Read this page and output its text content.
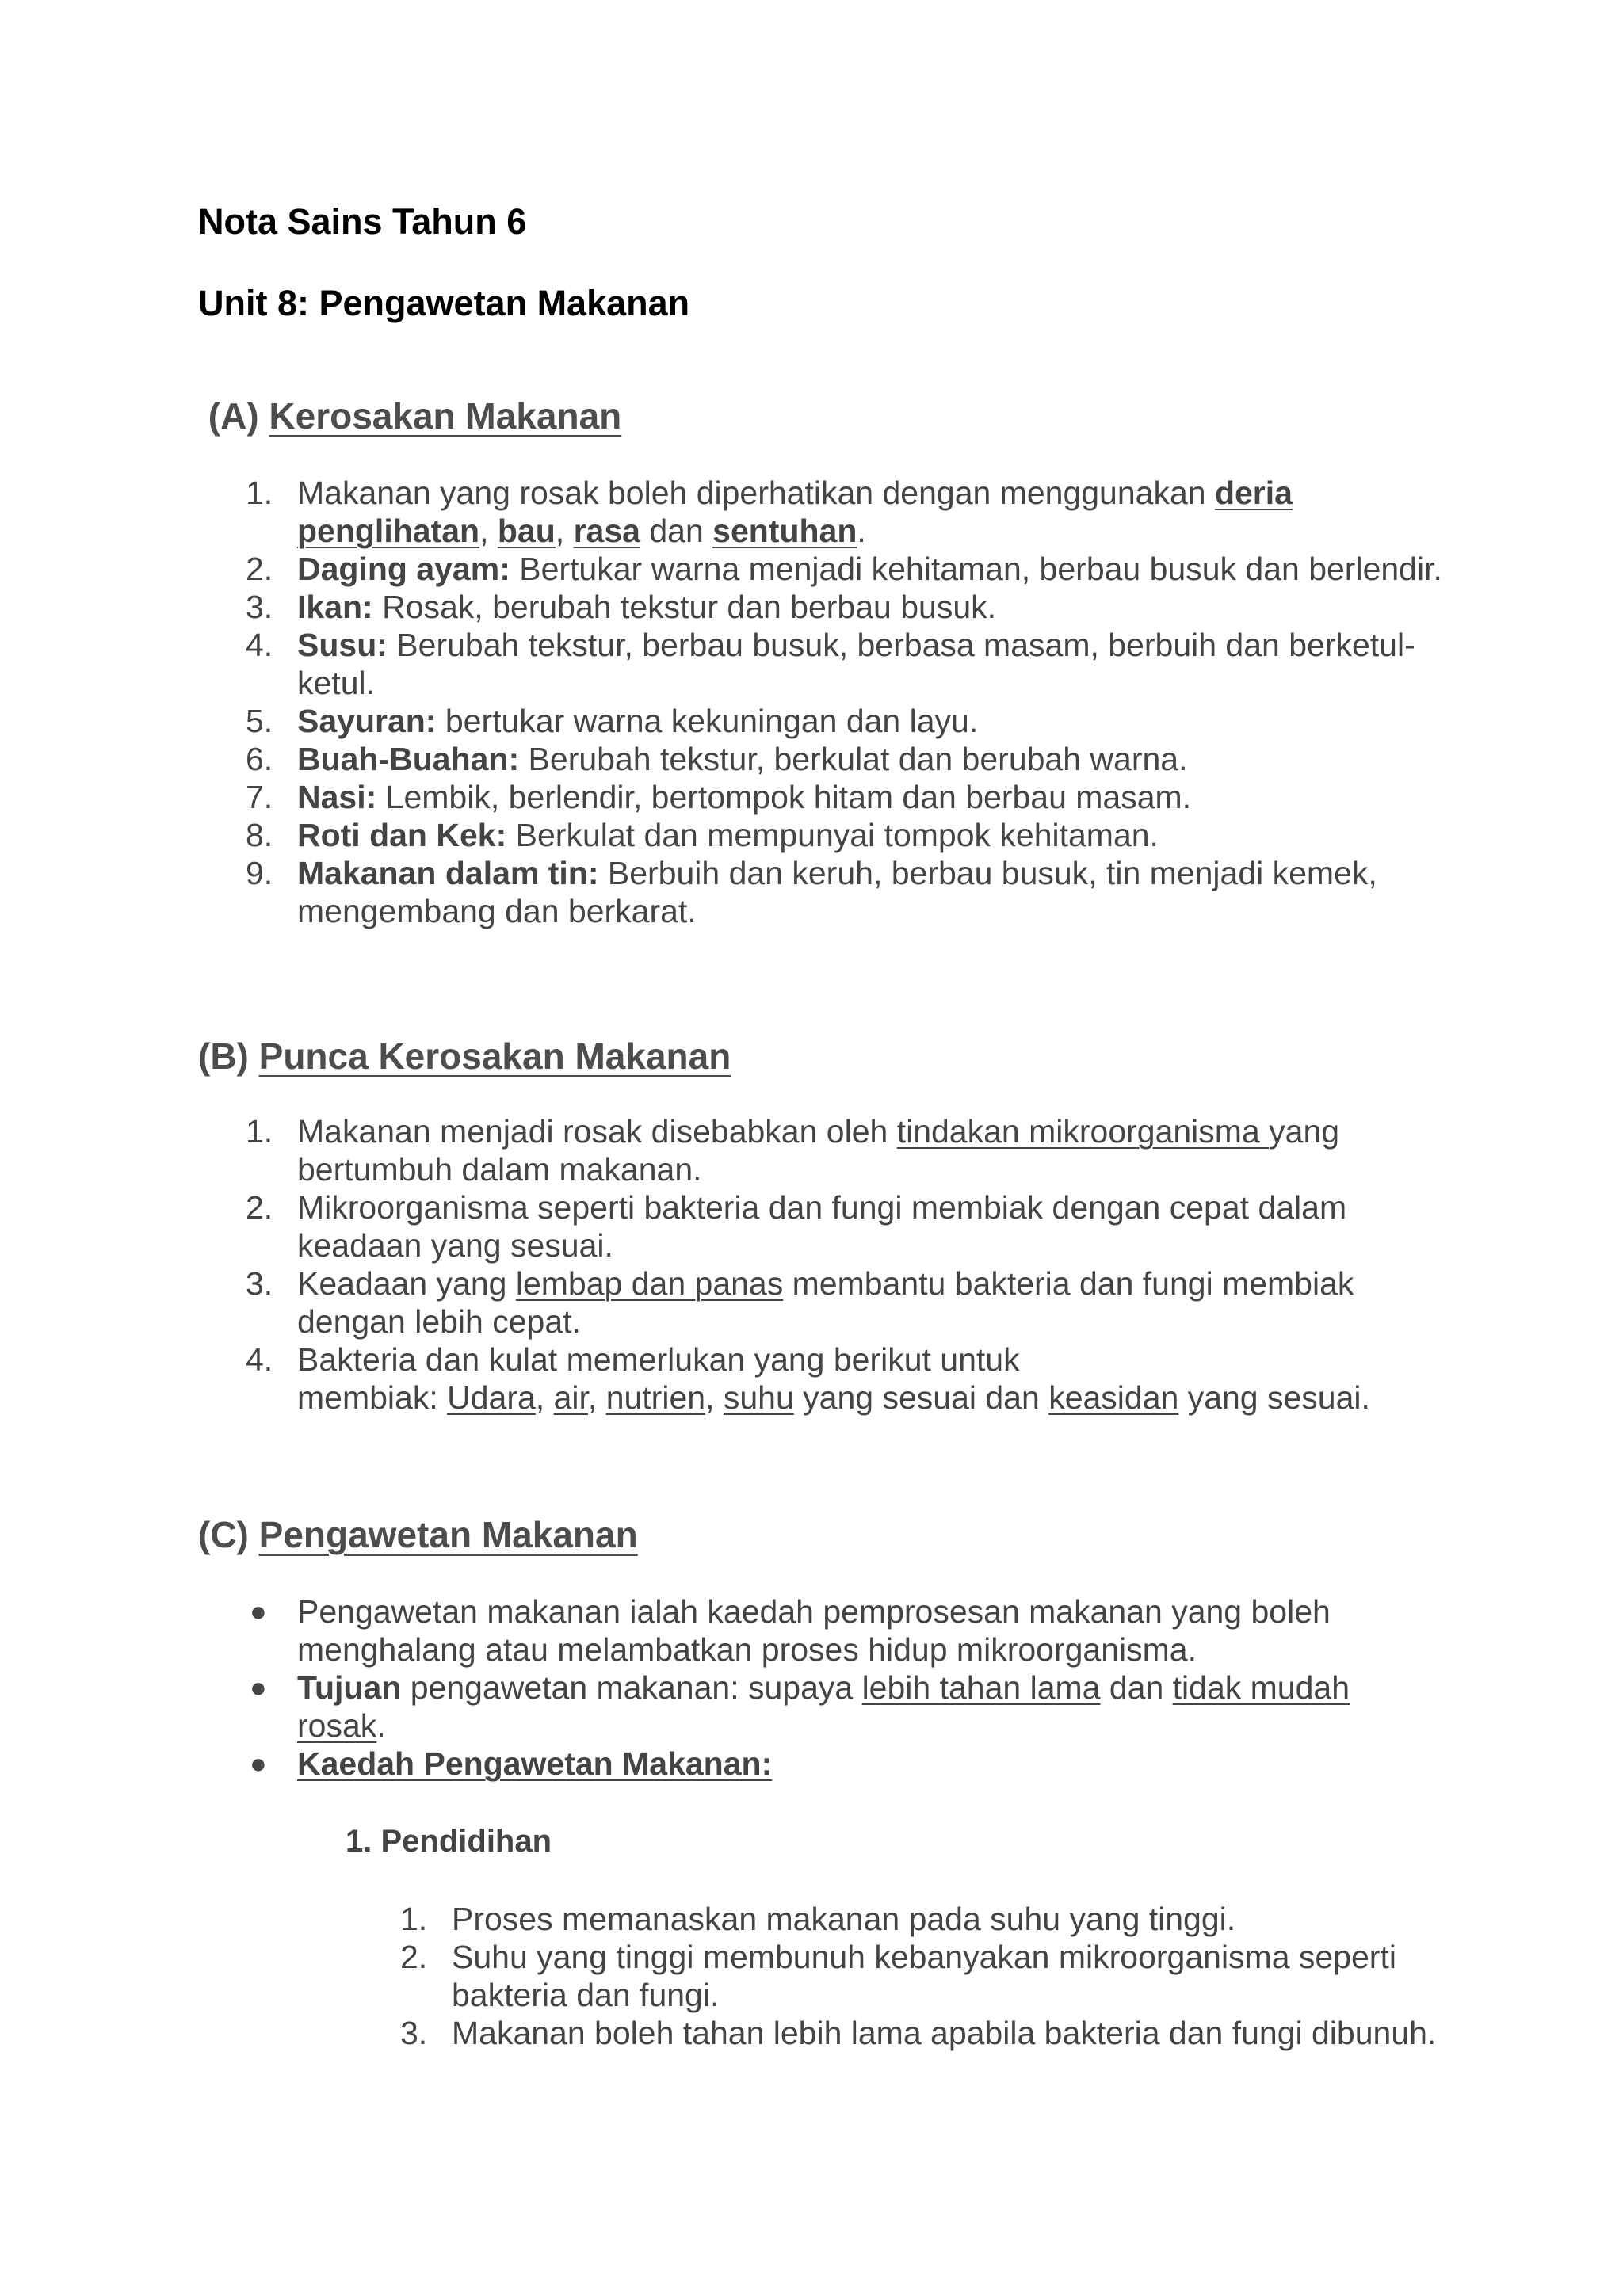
Nota Sains Tahun 6
Unit 8: Pengawetan Makanan
(A) Kerosakan Makanan
1. Makanan yang rosak boleh diperhatikan dengan menggunakan deria penglihatan, bau, rasa dan sentuhan.
2. Daging ayam: Bertukar warna menjadi kehitaman, berbau busuk dan berlendir.
3. Ikan: Rosak, berubah tekstur dan berbau busuk.
4. Susu: Berubah tekstur, berbau busuk, berbasa masam, berbuih dan berketul-ketul.
5. Sayuran: bertukar warna kekuningan dan layu.
6. Buah-Buahan: Berubah tekstur, berkulat dan berubah warna.
7. Nasi: Lembik, berlendir, bertompok hitam dan berbau masam.
8. Roti dan Kek: Berkulat dan mempunyai tompok kehitaman.
9. Makanan dalam tin: Berbuih dan keruh, berbau busuk, tin menjadi kemek, mengembang dan berkarat.
(B) Punca Kerosakan Makanan
1. Makanan menjadi rosak disebabkan oleh tindakan mikroorganisma yang bertumbuh dalam makanan.
2. Mikroorganisma seperti bakteria dan fungi membiak dengan cepat dalam keadaan yang sesuai.
3. Keadaan yang lembap dan panas membantu bakteria dan fungi membiak dengan lebih cepat.
4. Bakteria dan kulat memerlukan yang berikut untuk
membiak: Udara, air, nutrien, suhu yang sesuai dan keasidan yang sesuai.
(C) Pengawetan Makanan
● Pengawetan makanan ialah kaedah pemprosesan makanan yang boleh menghalang atau melambatkan proses hidup mikroorganisma.
● Tujuan pengawetan makanan: supaya lebih tahan lama dan tidak mudah rosak.
● Kaedah Pengawetan Makanan:
1. Pendidihan
1. Proses memanaskan makanan pada suhu yang tinggi.
2. Suhu yang tinggi membunuh kebanyakan mikroorganisma seperti bakteria dan fungi.
3. Makanan boleh tahan lebih lama apabila bakteria dan fungi dibunuh.
